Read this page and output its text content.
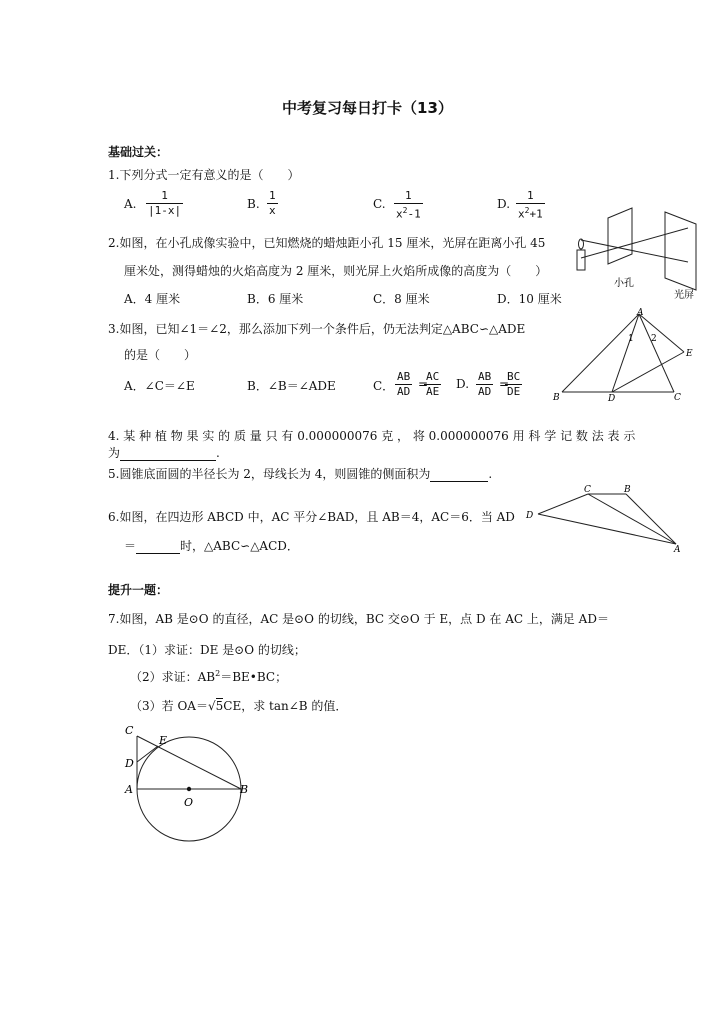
中考复习每日打卡（13）
基础过关：
1.下列分式一定有意义的是（　　）
A. $\frac{1}{|1-x|}$	B. $\frac{1}{x}$	C. $\frac{1}{x^2-1}$	D. $\frac{1}{x^2+1}$
2.如图，在小孔成像实验中，已知燃烧的蜡烛距小孔 15 厘米，光屏在距离小孔 45
厘米处，测得蜡烛的火焰高度为 2 厘米，则光屏上火焰所成像的高度为（　　）
A．4 厘米	B．6 厘米	C．8 厘米	D．10 厘米
小孔
光屏
3.如图，已知∠1＝∠2，那么添加下列一个条件后，仍无法判定△ABC∽△ADE
的是（　　）
A．∠C＝∠E	B．∠B＝∠ADE	C． $\frac{AB}{AD}$ =
$\frac{AC}{AE} D$. $\frac{AB}{AD}$ =
$\frac{BC}{DE}$
A
B	C
D
E
1 2
4. 某 种 植 物 果 实 的 质 量 只 有 0.000000076 克 ， 将 0.000000076 用 科 学 记 数 法 表 示
为	.
5.圆锥底面圆的半径长为 2，母线长为 4，则圆锥的侧面积为	.
6.如图，在四边形 ABCD 中，AC 平分∠BAD，且 AB＝4，AC＝6．当 AD
＝	时，△ABC∽△ACD．
C	B
D
A
提升一题：
7.如图，AB 是⊙O 的直径，AC 是⊙O 的切线，BC 交⊙O 于 E，点 D 在 AC 上，满足 AD＝
DE．（1）求证：DE 是⊙O 的切线；
（2）求证：$AB^2=BE•BC$；
（3）若 OA＝√5CE，求 tan∠B 的值．
C
E
D
A	B
O
